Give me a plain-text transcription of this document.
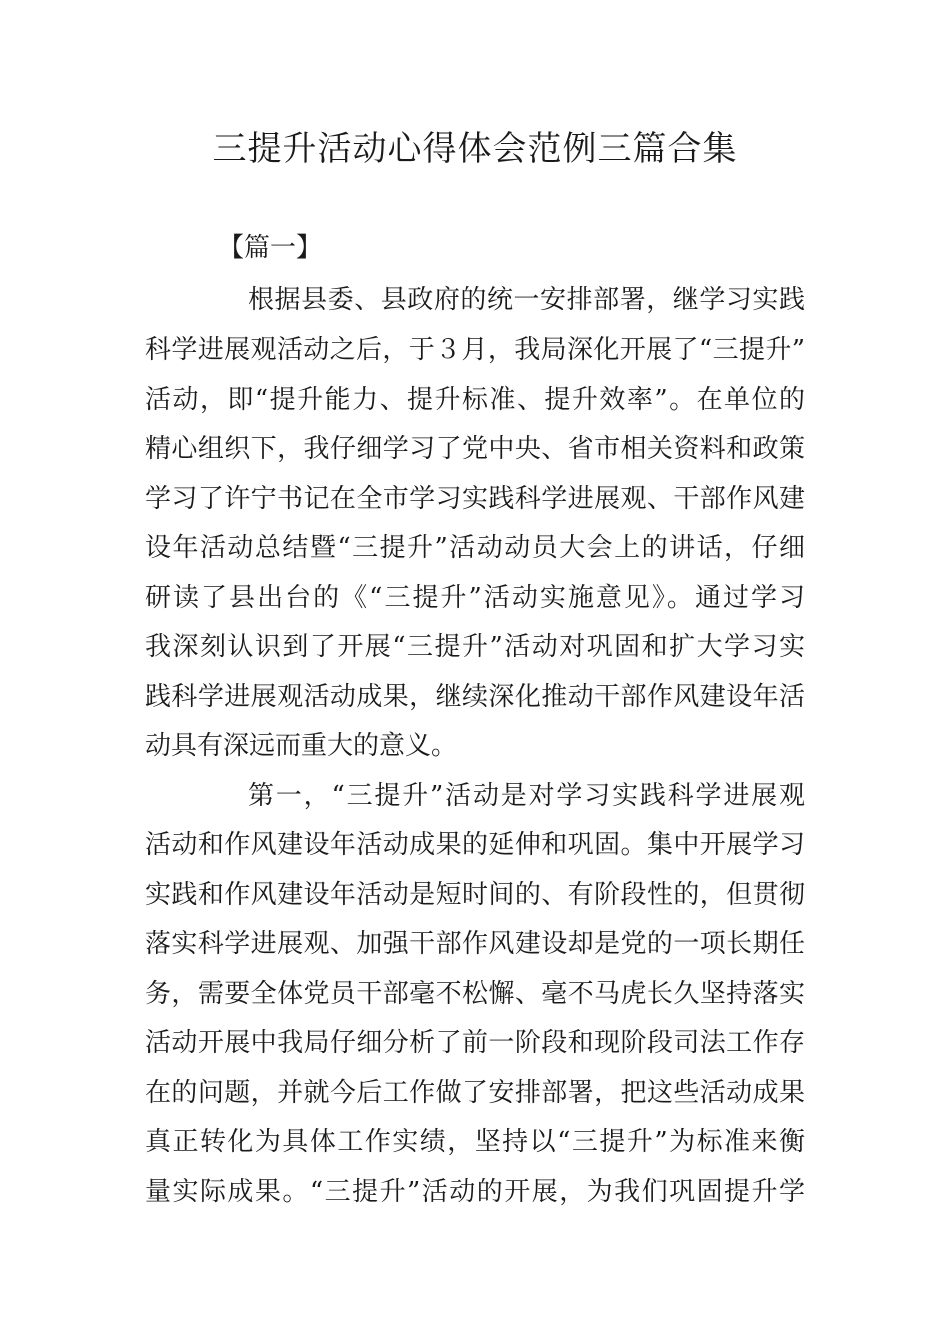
三提升活动心得体会范例三篇合集
【篇一】
根据县委、县政府的统一安排部署，继学习实践
科学进展观活动之后，于３月，我局深化开展了“三提升”
活动，即“提升能力、提升标准、提升效率”。在单位的
精心组织下，我仔细学习了党中央、省市相关资料和政策
学习了许宁书记在全市学习实践科学进展观、干部作风建
设年活动总结暨“三提升”活动动员大会上的讲话，仔细
研读了县出台的《“三提升”活动实施意见》。通过学习
我深刻认识到了开展“三提升”活动对巩固和扩大学习实
践科学进展观活动成果，继续深化推动干部作风建设年活
动具有深远而重大的意义。
第一，“三提升”活动是对学习实践科学进展观
活动和作风建设年活动成果的延伸和巩固。集中开展学习
实践和作风建设年活动是短时间的、有阶段性的，但贯彻
落实科学进展观、加强干部作风建设却是党的一项长期任
务，需要全体党员干部毫不松懈、毫不马虎长久坚持落实
活动开展中我局仔细分析了前一阶段和现阶段司法工作存
在的问题，并就今后工作做了安排部署，把这些活动成果
真正转化为具体工作实绩，坚持以“三提升”为标准来衡
量实际成果。“三提升”活动的开展，为我们巩固提升学
